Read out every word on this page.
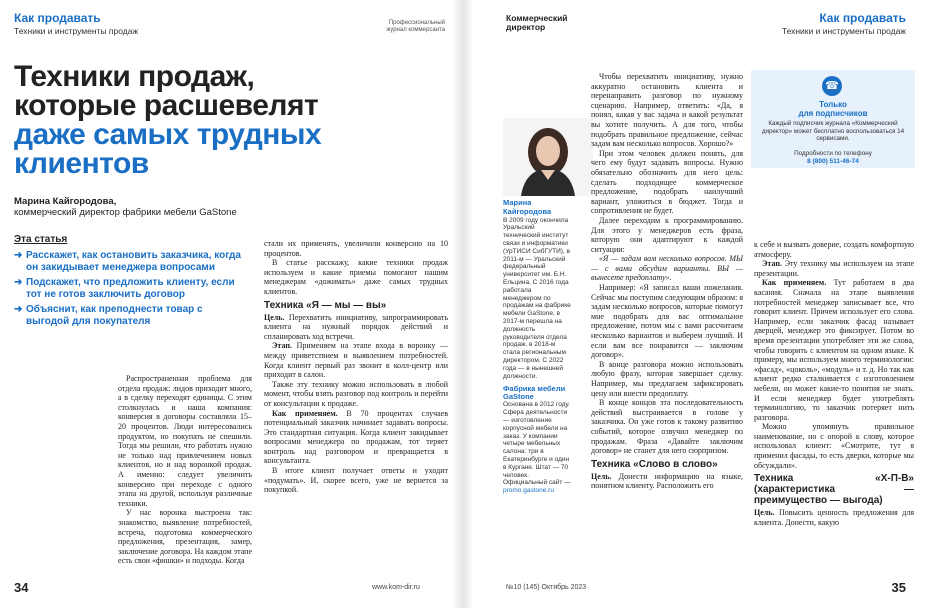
Как продавать
Техники и инструменты продаж
Профессиональный
журнал коммерсанта
Техники продаж,
которые расшевелят
даже самых трудных
клиентов
Марина Кайгородова,
коммерческий директор фабрики мебели GaStone
Эта статья
➜ Расскажет, как остановить заказчика, когда он закидывает менеджера вопросами
➜ Подскажет, что предложить клиенту, если тот не готов заключить договор
➜ Объяснит, как преподнести товар с выгодой для покупателя

Распространенная проблема для отдела продаж: лидов приходит много, а в сделку переходят единицы. С этим столкнулась и наша компания: конверсия в договоры составляла 15–20 процентов. Люди интересовались продуктом, но покупать не спешили. Тогда мы решили, что работать нужно не только над привлечением новых клиентов, но и над воронкой продаж. А именно: следует увеличить конверсию при переходе с одного этапа на другой, используя различные техники.

У нас воронка выстроена так: знакомство, выявление потребностей, встреча, подготовка коммерческого предложения, презентация, замер, заключение договора. На каждом этапе есть свои «фишки» и подходы. Когда

стали их применять, увеличили конверсию на 10 процентов.

В статье расскажу, какие техники продаж используем и какие приемы помогают нашим менеджерам «дожимать» даже самых трудных клиентов.

Техника «Я — мы — вы»

Цель. Перехватить инициативу, запрограммировать клиента на нужный порядок действий и спланировать ход встречи.

Этап. Применяем на этапе входа в воронку — между приветствием и выявлением потребностей. Когда клиент первый раз звонит в колл-центр или приходит в салон.

Также эту технику можно использовать в любой момент, чтобы взять разговор под контроль и перейти от консультации к продаже.

Как применяем. В 70 процентах случаев потенциальный заказчик начинает задавать вопросы. Это стандартная ситуация. Когда клиент закидывает вопросами менеджера по продажам, тот теряет контроль над разговором и превращается в консультанта.

В итоге клиент получает ответы и уходит «подумать». И, скорее всего, уже не вернется за покупкой.

34	www.kom-dir.ru
Коммерческий
директор
Как продавать
Техники и инструменты продаж
Марина Кайгородова
В 2009 году окончила Уральский технический институт связи и информатики (УрТИСИ СибГУТИ), в 2011-м — Уральский федеральный университет им. Б.Н. Ельцина. С 2016 года работала менеджером по продажам на фабрике мебели GaStone, в 2017-м перешла на должность руководителя отдела продаж, в 2018-м стала региональным директором. С 2022 года — в нынешней должности.
Фабрика мебели GaStone
Основана в 2012 году. Сфера деятельности — изготовление корпусной мебели на заказ. У компании четыре мебельных салона: три в Екатеринбурге и один в Кургане. Штат — 70 человек. Официальный сайт —
promo.gastone.ru

Чтобы перехватить инициативу, нужно аккуратно остановить клиента и перенаправить разговор по нужному сценарию. Например, ответить: «Да, я понял, какая у вас задача и какой результат вы хотите получить. А для того, чтобы подобрать правильное предложение, сейчас задам вам несколько вопросов. Хорошо?»

При этом человек должен понять, для чего ему будут задавать вопросы. Нужно обязательно обозначить для него цель: сделать подходящее коммерческое предложение, подобрать наилучший вариант, уложиться в бюджет. Тогда и сопротивления не будет.

Далее переходим к программированию. Для этого у менеджеров есть фраза, которую они адаптируют к каждой ситуации:

«Я — задам вам несколько вопросов. МЫ — с вами обсудим варианты. ВЫ — вынесете предоплату».

Например: «Я записал ваши пожелания. Сейчас мы поступим следующим образом: я задам несколько вопросов, которые помогут мне подобрать для вас оптимальное предложение, потом мы с вами рассчитаем несколько вариантов и выберем лучший. И если вам все понравится — заключим договор».

В конце разговора можно использовать любую фразу, которая завершает сделку. Например, мы предлагаем зафиксировать цену или внести предоплату.

В конце концов эта последовательность действий выстраивается в голове у заказчика. Он уже готов к такому развитию событий, которое озвучил менеджер по продажам. Фраза «Давайте заключим договор» не станет для него сюрпризом.

Техника «Слово в слово»

Цель. Донести информацию на языке, понятном клиенту. Расположить его

☎
Только
для подписчиков
Каждый подписчик журнала «Коммерческий директор» может бесплатно воспользоваться 14 сервисами.
Подробности по телефону
8 (800) 511-46-74

к себе и вызвать доверие, создать комфортную атмосферу.

Этап. Эту технику мы используем на этапе презентации.

Как применяем. Тут работаем в два касания. Сначала на этапе выявления потребностей менеджер записывает все, что говорит клиент. Причем использует его слова. Например, если заказчик фасад называет дверцей, менеджер это фиксирует. Потом во время презентации употребляет эти же слова, чтобы говорить с клиентом на одном языке. К примеру, мы используем много терминологии: «фасад», «цоколь», «модуль» и т. д. Но так как клиент редко сталкивается с изготовлением мебели, он может какие-то понятия не знать. И если менеджер будет употреблять терминологию, то заказчик потеряет нить разговора.

Можно упомянуть правильное наименование, но с опорой к слову, которое использовал клиент: «Смотрите, тут я применил фасады, то есть дверки, которые мы обсуждали».

Техника «Х-П-В» (характеристика — преимущество — выгода)

Цель. Повысить ценность предложения для клиента. Донести, какую

№10 (145) Октябрь 2023	35
